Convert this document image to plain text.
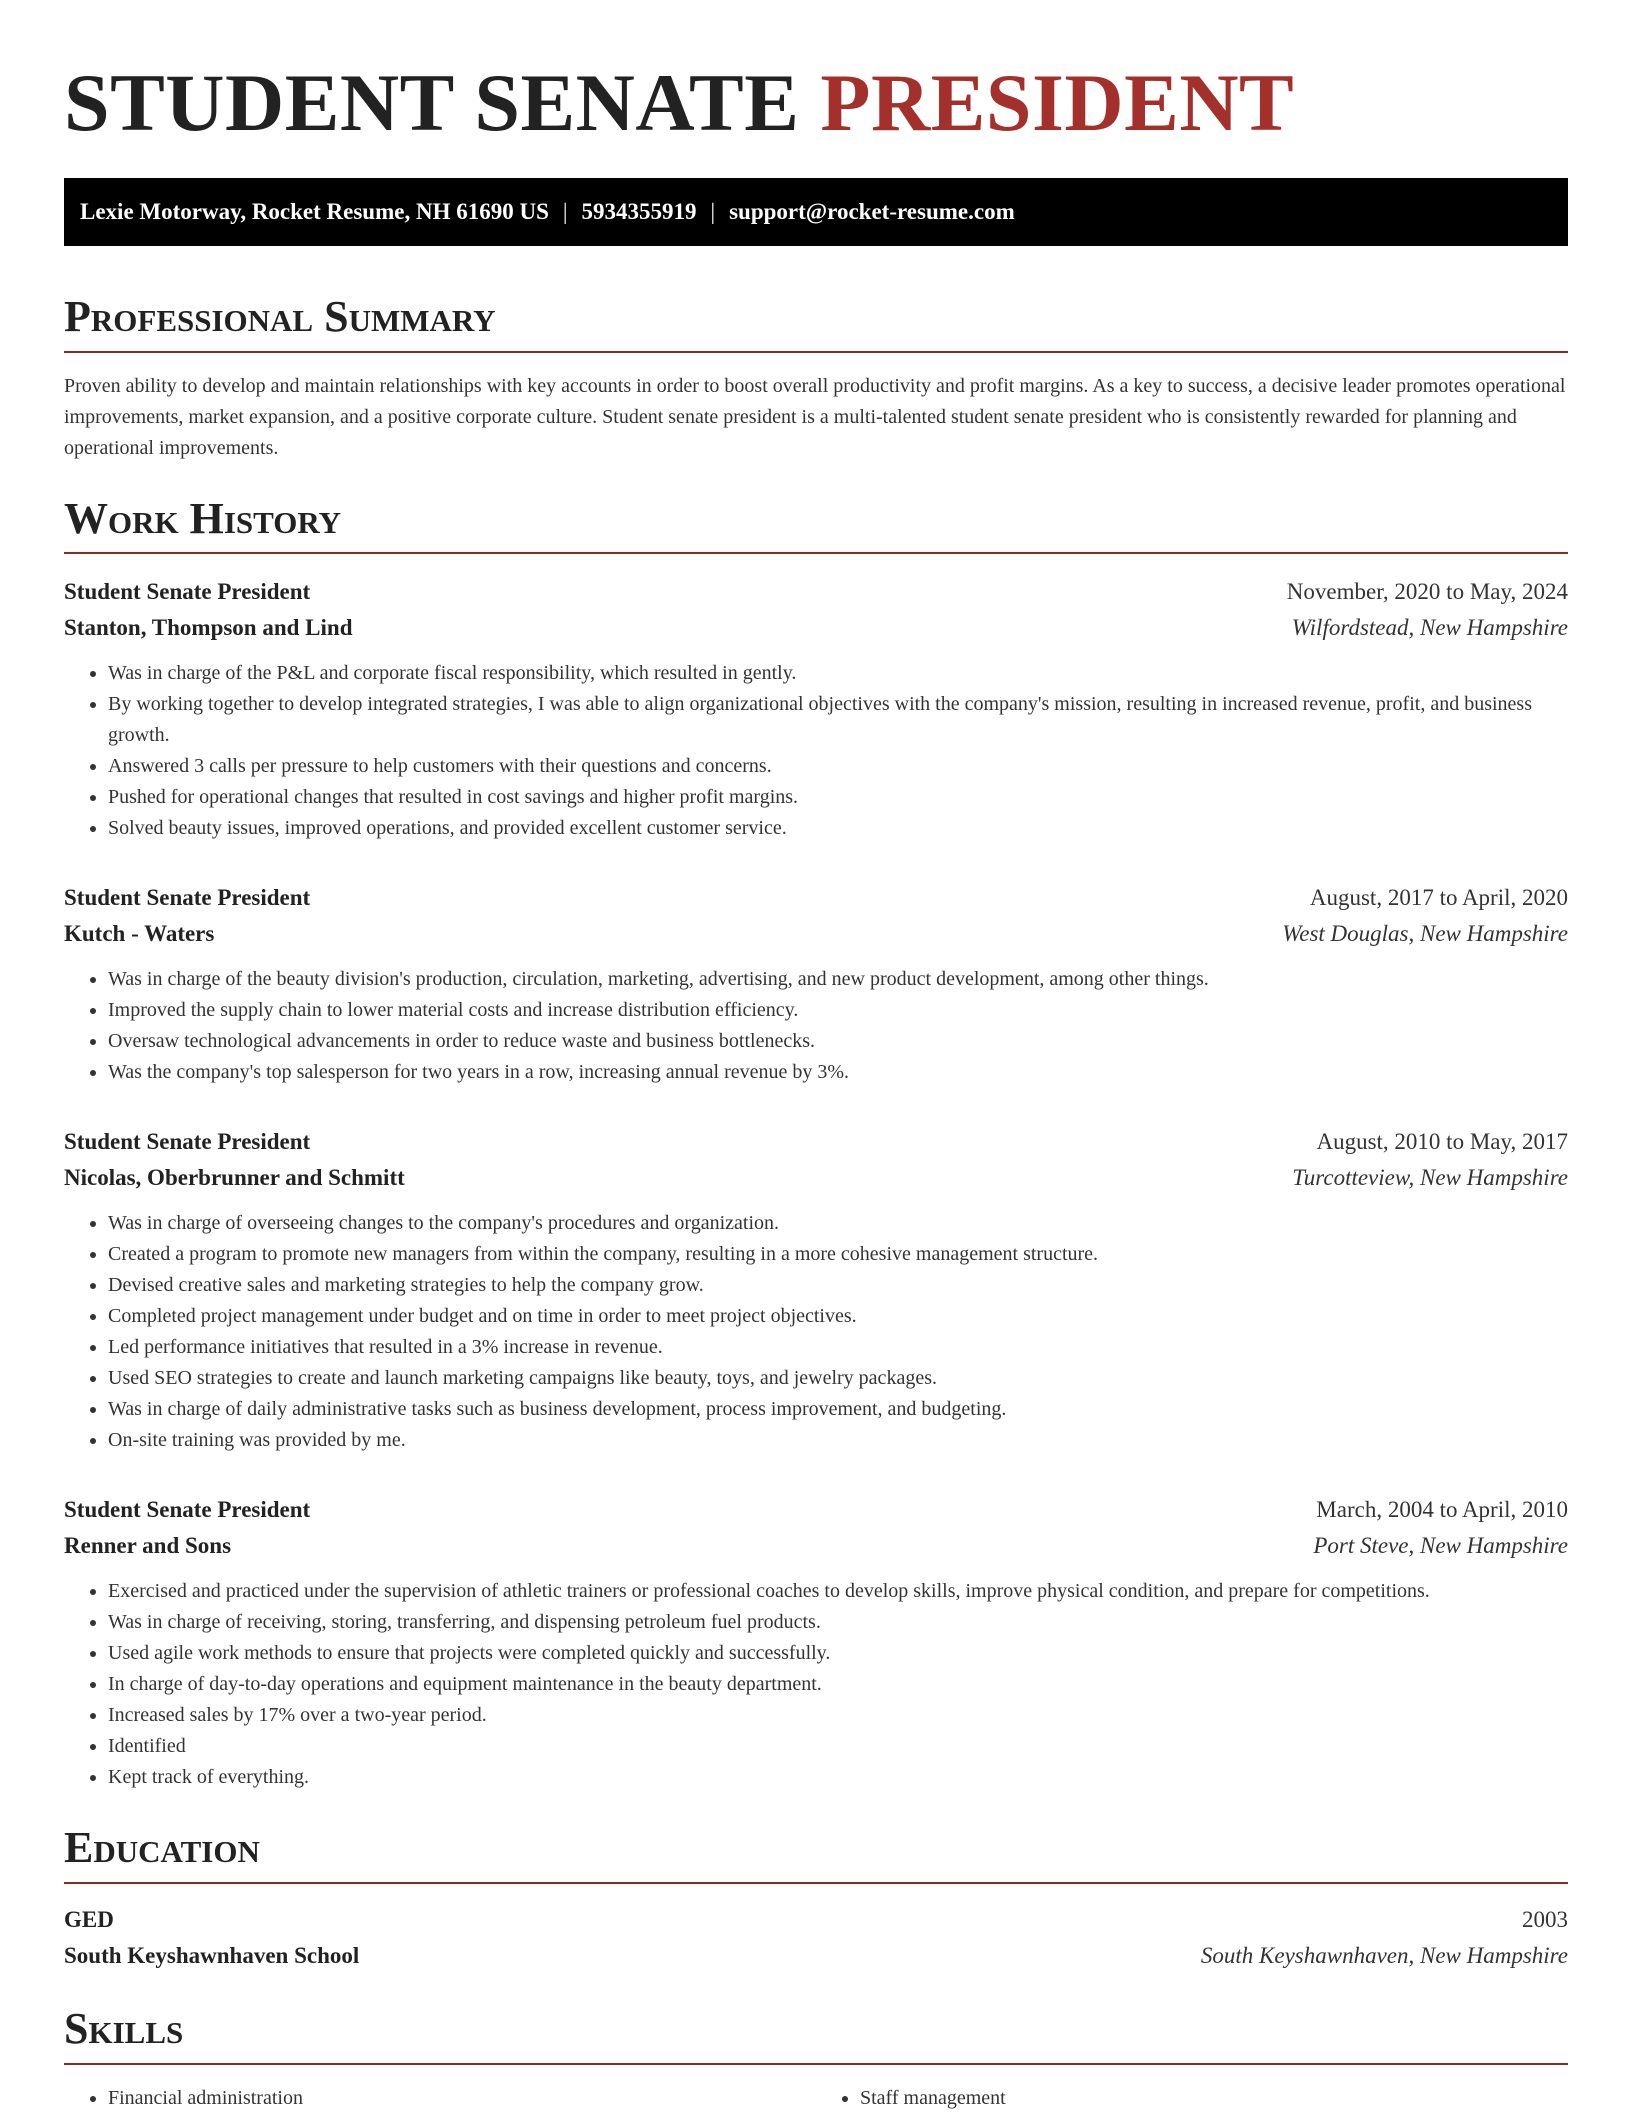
STUDENT SENATE PRESIDENT
Lexie Motorway, Rocket Resume, NH 61690 US | 5934355919 | support@rocket-resume.com
Professional Summary

Proven ability to develop and maintain relationships with key accounts in order to boost overall productivity and profit margins. As a key to success, a decisive leader promotes operational improvements, market expansion, and a positive corporate culture. Student senate president is a multi-talented student senate president who is consistently rewarded for planning and operational improvements.

Work History
Student Senate President	November, 2020 to May, 2024
Stanton, Thompson and Lind	Wilfordstead, New Hampshire
• Was in charge of the P&L and corporate fiscal responsibility, which resulted in gently.
• By working together to develop integrated strategies, I was able to align organizational objectives with the company's mission, resulting in increased revenue, profit, and business growth.
• Answered 3 calls per pressure to help customers with their questions and concerns.
• Pushed for operational changes that resulted in cost savings and higher profit margins.
• Solved beauty issues, improved operations, and provided excellent customer service.
Student Senate President	August, 2017 to April, 2020
Kutch - Waters	West Douglas, New Hampshire
• Was in charge of the beauty division's production, circulation, marketing, advertising, and new product development, among other things.
• Improved the supply chain to lower material costs and increase distribution efficiency.
• Oversaw technological advancements in order to reduce waste and business bottlenecks.
• Was the company's top salesperson for two years in a row, increasing annual revenue by 3%.
Student Senate President	August, 2010 to May, 2017
Nicolas, Oberbrunner and Schmitt	Turcotteview, New Hampshire
• Was in charge of overseeing changes to the company's procedures and organization.
• Created a program to promote new managers from within the company, resulting in a more cohesive management structure.
• Devised creative sales and marketing strategies to help the company grow.
• Completed project management under budget and on time in order to meet project objectives.
• Led performance initiatives that resulted in a 3% increase in revenue.
• Used SEO strategies to create and launch marketing campaigns like beauty, toys, and jewelry packages.
• Was in charge of daily administrative tasks such as business development, process improvement, and budgeting.
• On-site training was provided by me.
Student Senate President	March, 2004 to April, 2010
Renner and Sons	Port Steve, New Hampshire
• Exercised and practiced under the supervision of athletic trainers or professional coaches to develop skills, improve physical condition, and prepare for competitions.
• Was in charge of receiving, storing, transferring, and dispensing petroleum fuel products.
• Used agile work methods to ensure that projects were completed quickly and successfully.
• In charge of day-to-day operations and equipment maintenance in the beauty department.
• Increased sales by 17% over a two-year period.
• Identified
• Kept track of everything.
Education
GED	2003
South Keyshawnhaven School	South Keyshawnhaven, New Hampshire
Skills
• Financial administration
•	Staff management
